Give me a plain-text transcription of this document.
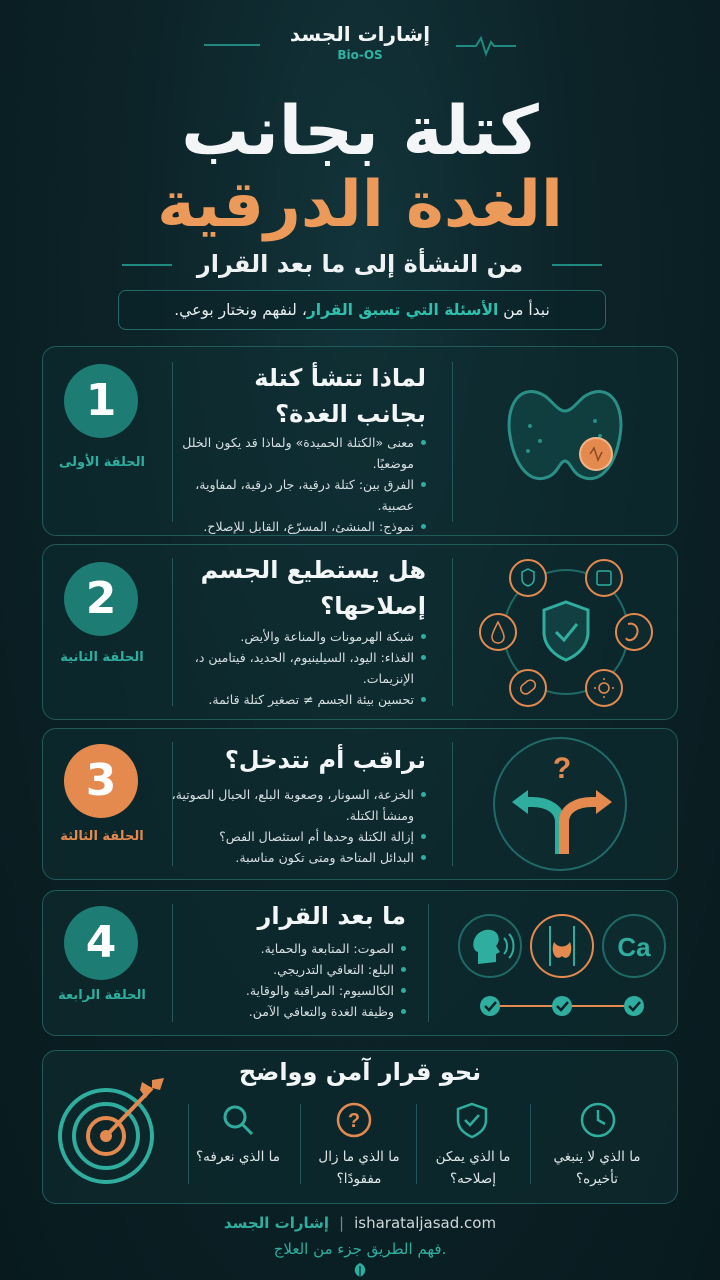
إشارات الجسد
Bio-OS
كتلة بجانب
الغدة الدرقية
من النشأة إلى ما بعد القرار
نبدأ من الأسئلة التي تسبق القرار، لنفهم ونختار بوعي.
1
الحلقة الأولى
لماذا تتشأ كتلة
بجانب الغدة؟
معنى «الكتلة الحميدة» ولماذا قد يكون الخلل موضعيًا.
الفرق بين: كتلة درقية، جار درقية، لمفاوية، عصبية.
نموذج: المنشئ، المسرّع، القابل للإصلاح.
2
الحلقة الثانية
هل يستطيع الجسم
إصلاحها؟
شبكة الهرمونات والمناعة والأيض.
الغذاء: اليود، السيلينيوم، الحديد، فيتامين د، الإنزيمات.
تحسين بيئة الجسم ≠ تصغير كتلة قائمة.
3
الحلقة الثالثة
نراقب أم نتدخل؟
الخزعة، السونار، وصعوبة البلع، الحبال الصوتية، ومنشأ الكتلة.
إزالة الكتلة وحدها أم استئصال الفص؟
البدائل المتاحة ومتى تكون مناسبة.
?
4
الحلقة الرابعة
ما بعد القرار
الصوت: المتابعة والحماية.
البلع: التعافي التدريجي.
الكالسيوم: المراقبة والوقاية.
وظيفة الغدة والتعافي الآمن.
Ca
نحو قرار آمن وواضح
ما الذي نعرفه؟
?
ما الذي ما زال
مفقودًا؟
ما الذي يمكن
إصلاحه؟
ما الذي لا ينبغي
تأخيره؟
إشارات الجسد | isharataljasad.com
فهم الطريق جزء من العلاج.
